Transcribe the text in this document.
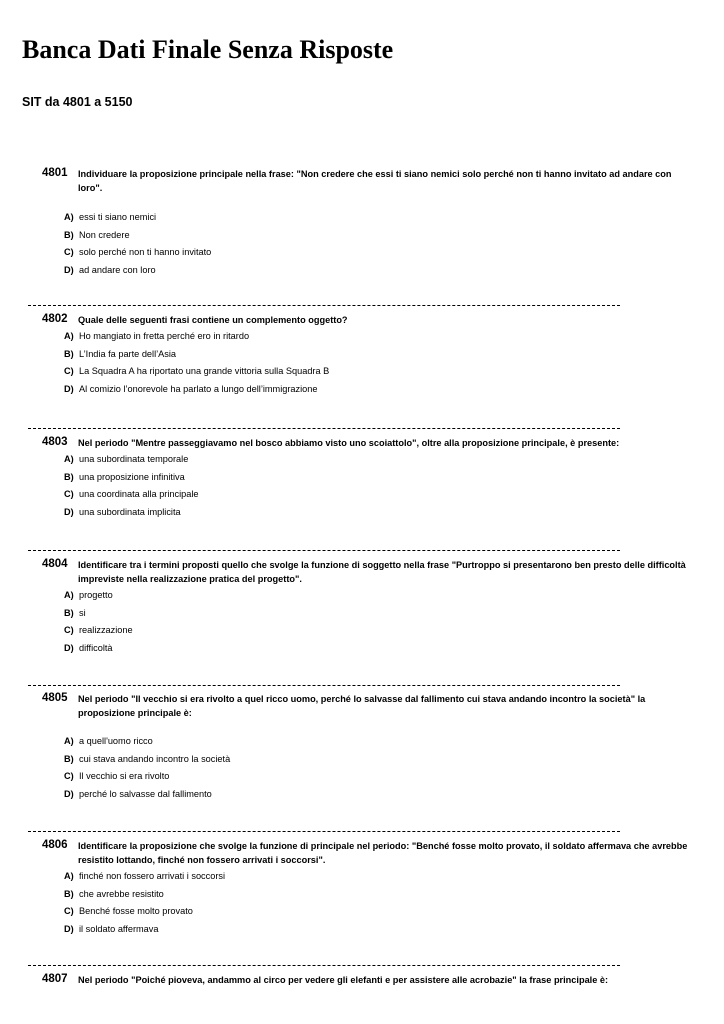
Banca Dati Finale Senza Risposte
SIT da 4801 a 5150
4801 Individuare la proposizione principale nella frase: "Non credere che essi ti siano nemici solo perché non ti hanno invitato ad andare con loro".
A) essi ti siano nemici
B) Non credere
C) solo perché non ti hanno invitato
D) ad andare con loro
4802 Quale delle seguenti frasi contiene un complemento oggetto?
A) Ho mangiato in fretta perché ero in ritardo
B) L’India fa parte dell’Asia
C) La Squadra A ha riportato una grande vittoria sulla Squadra B
D) Al comizio l’onorevole ha parlato a lungo dell’immigrazione
4803 Nel periodo "Mentre passeggiavamo nel bosco abbiamo visto uno scoiattolo", oltre alla proposizione principale, è presente:
A) una subordinata temporale
B) una proposizione infinitiva
C) una coordinata alla principale
D) una subordinata implicita
4804 Identificare tra i termini proposti quello che svolge la funzione di soggetto nella frase "Purtroppo si presentarono ben presto delle difficoltà impreviste nella realizzazione pratica del progetto".
A) progetto
B) si
C) realizzazione
D) difficoltà
4805 Nel periodo "Il vecchio si era rivolto a quel ricco uomo, perché lo salvasse dal fallimento cui stava andando incontro la società" la proposizione principale è:
A) a quell'uomo ricco
B) cui stava andando incontro la società
C) Il vecchio si era rivolto
D) perché lo salvasse dal fallimento
4806 Identificare la proposizione che svolge la funzione di principale nel periodo: "Benché fosse molto provato, il soldato affermava che avrebbe resistito lottando, finché non fossero arrivati i soccorsi".
A) finché non fossero arrivati i soccorsi
B) che avrebbe resistito
C) Benché fosse molto provato
D) il soldato affermava
4807 Nel periodo "Poiché pioveva, andammo al circo per vedere gli elefanti e per assistere alle acrobazie" la frase principale è:
